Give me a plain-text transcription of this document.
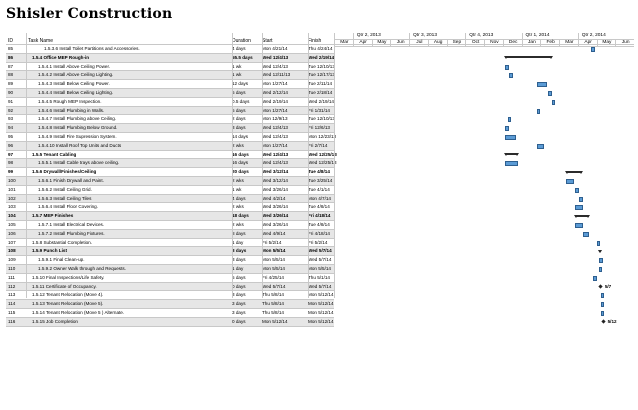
Shisler Construction
ID	Task Name	Duration Start	Finish
85	1.5.3.6 Install Toilet Partitions and Accessories.	4 days	Mon 4/21/14	Thu 4/24/14
86	1.5.4 Office MEP Rough-in	55.5 days	Wed 12/4/13	Wed 2/19/14
87	1.5.4.1 Install Above Ceiling Power.	1 wk	Wed 12/4/13	Tue 12/10/13
88	1.5.4.2 Install Above Ceiling Lighting.	1 wk	Wed 12/11/13	Tue 12/17/13
89	1.5.4.3 Install Below Ceiling Power.	12 days	Mon 1/27/14	Tue 2/11/14
90	1.5.4.4 Install Below Ceiling Lighting.	5 days	Wed 2/12/14	Tue 2/18/14
91	1.5.4.5 Rough MEP Inspection.	0.5 days	Wed 2/19/14	Wed 2/19/14
92	1.5.4.6 Install Plumbing in Walls.	5 days	Mon 1/27/14	Fri 1/31/14
93	1.5.4.7 Install Plumbing above Ceiling.	2 days	Mon 12/9/13	Tue 12/10/13
94	1.5.4.8 Install Plumbing Below Ground.	3 days	Wed 12/4/13	Fri 12/6/13
95	1.5.4.9 Install Fire Supression System.	14 days	Wed 12/4/13	Mon 12/23/13
96	1.5.4.10 Install Roof Top Units and Ducts	2 wks	Mon 1/27/14	Fri 2/7/14
97	1.5.5 Tenant Cabling	16 days	Wed 12/4/13	Wed 12/25/13
98	1.5.5.1 Install Cable trays above ceiling.	16 days	Wed 12/4/13	Wed 12/25/13
99	1.5.6 Drywall/Finishes/Ceiling	20 days	Wed 3/12/14	Tue 4/8/14
100	1.5.6.1 Finish Drywall and Paint.	2 wks	Wed 3/12/14	Tue 3/25/14
101	1.5.6.2 Install Ceiling Grid.	1 wk	Wed 3/26/14	Tue 4/1/14
102	1.5.6.3 Install Ceiling Tiles	4 days	Wed 4/2/14	Mon 4/7/14
103	1.5.6.4 Install Floor Covering.	2 wks	Wed 3/26/14	Tue 4/8/14
104	1.5.7 MEP Finishes	18 days	Wed 3/26/14	Fri 4/18/14
105	1.5.7.1 Install Electrical Devices.	2 wks	Wed 3/26/14	Tue 4/8/14
106	1.5.7.2 Install Plumbing Fixtures.	8 days	Wed 4/9/14	Fri 4/18/14
107	1.5.8 Substantial Completion.	1 day	Fri 5/2/14	Fri 5/2/14
108	1.5.9 Punch List	3 days	Mon 5/5/14	Wed 5/7/14
109	1.5.9.1 Final Clean-up.	3 days	Mon 5/5/14	Wed 5/7/14
110	1.5.9.2 Owner Walk through and Requests.	1 day	Mon 5/5/14	Mon 5/5/14
111	1.5.10 Final Inspections/Life Safety.	5 days	Fri 4/25/14	Thu 5/1/14
112	1.5.11 Certificate of Occupancy.	0 days	Wed 5/7/14	Wed 5/7/14
113	1.5.12 Tenant Relocation (Move 4).	3 days	Thu 5/8/14	Mon 5/12/14
114	1.5.13 Tenant Relocation (Move 5).	3 days	Thu 5/8/14	Mon 5/12/14
115	1.5.14 Tenant Relocation (Move 5 ) Alternate.	3 days	Thu 5/8/14	Mon 5/12/14
116	1.5.15 Job Completion	0 days	Mon 5/12/14	Mon 5/12/14
Qtr 2, 2013	Qtr 3, 2013	Qtr 4, 2013	Qtr 1, 2014	Qtr 2, 2014
Mar	Apr	May	Jun	Jul	Aug	Sep	Oct	Nov	Dec	Jan	Feb	Mar	Apr	May	Jun
5/7
5/12
